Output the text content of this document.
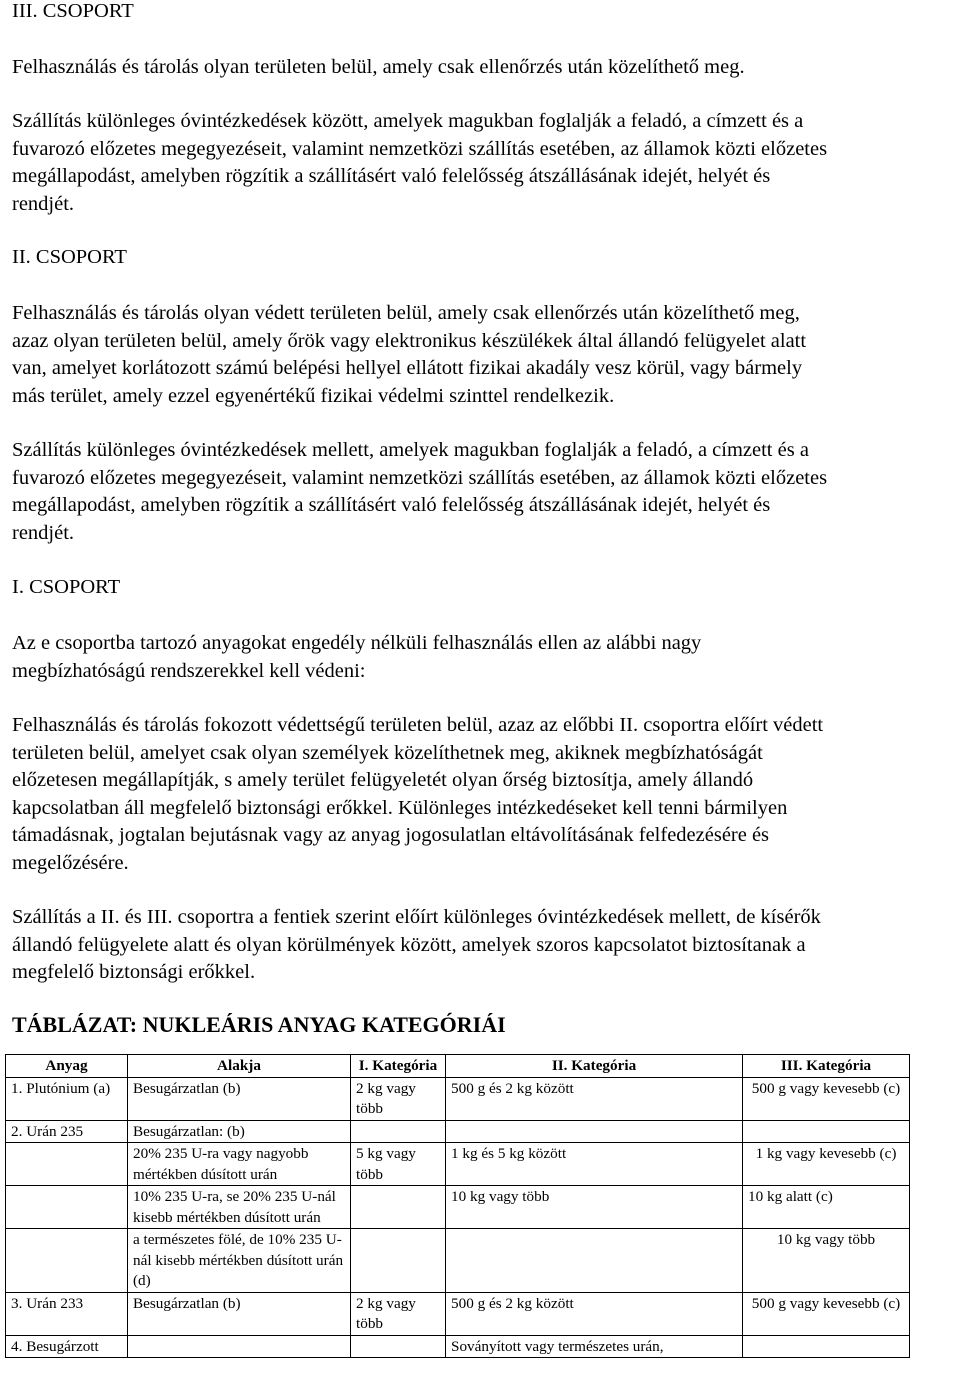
III. CSOPORT

Felhasználás és tárolás olyan területen belül, amely csak ellenőrzés után közelíthető meg.

Szállítás különleges óvintézkedések között, amelyek magukban foglalják a feladó, a címzett és a
fuvarozó előzetes megegyezéseit, valamint nemzetközi szállítás esetében, az államok közti előzetes
megállapodást, amelyben rögzítik a szállításért való felelősség átszállásának idejét, helyét és
rendjét.

II. CSOPORT

Felhasználás és tárolás olyan védett területen belül, amely csak ellenőrzés után közelíthető meg,
azaz olyan területen belül, amely őrök vagy elektronikus készülékek által állandó felügyelet alatt
van, amelyet korlátozott számú belépési hellyel ellátott fizikai akadály vesz körül, vagy bármely
más terület, amely ezzel egyenértékű fizikai védelmi szinttel rendelkezik.
Szállítás különleges óvintézkedések mellett, amelyek magukban foglalják a feladó, a címzett és a
fuvarozó előzetes megegyezéseit, valamint nemzetközi szállítás esetében, az államok közti előzetes
megállapodást, amelyben rögzítik a szállításért való felelősség átszállásának idejét, helyét és
rendjét.

I. CSOPORT

Az e csoportba tartozó anyagokat engedély nélküli felhasználás ellen az alábbi nagy
megbízhatóságú rendszerekkel kell védeni:
Felhasználás és tárolás fokozott védettségű területen belül, azaz az előbbi II. csoportra előírt védett
területen belül, amelyet csak olyan személyek közelíthetnek meg, akiknek megbízhatóságát
előzetesen megállapítják, s amely terület felügyeletét olyan őrség biztosítja, amely állandó
kapcsolatban áll megfelelő biztonsági erőkkel. Különleges intézkedéseket kell tenni bármilyen
támadásnak, jogtalan bejutásnak vagy az anyag jogosulatlan eltávolításának felfedezésére és
megelőzésére.
Szállítás a II. és III. csoportra a fentiek szerint előírt különleges óvintézkedések mellett, de kísérők
állandó felügyelete alatt és olyan körülmények között, amelyek szoros kapcsolatot biztosítanak a
megfelelő biztonsági erőkkel.

TÁBLÁZAT: NUKLEÁRIS ANYAG KATEGÓRIÁI

Anyag	Alakja	I. Kategória	II. Kategória	III. Kategória
1. Plutónium (a)	Besugárzatlan (b)	2 kg vagy több	500 g és 2 kg között	500 g vagy kevesebb (c)
2. Urán 235	Besugárzatlan: (b)			
	20% 235 U-ra vagy nagyobb mértékben dúsított urán	5 kg vagy több	1 kg és 5 kg között	1 kg vagy kevesebb (c)
	10% 235 U-ra, se 20% 235 U-nál kisebb mértékben dúsított urán		10 kg vagy több	10 kg alatt (c)
	a természetes fölé, de 10% 235 U-nál kisebb mértékben dúsított urán (d)			10 kg vagy több
3. Urán 233	Besugárzatlan (b)	2 kg vagy több	500 g és 2 kg között	500 g vagy kevesebb (c)
4. Besugárzott			Soványított vagy természetes urán,	
